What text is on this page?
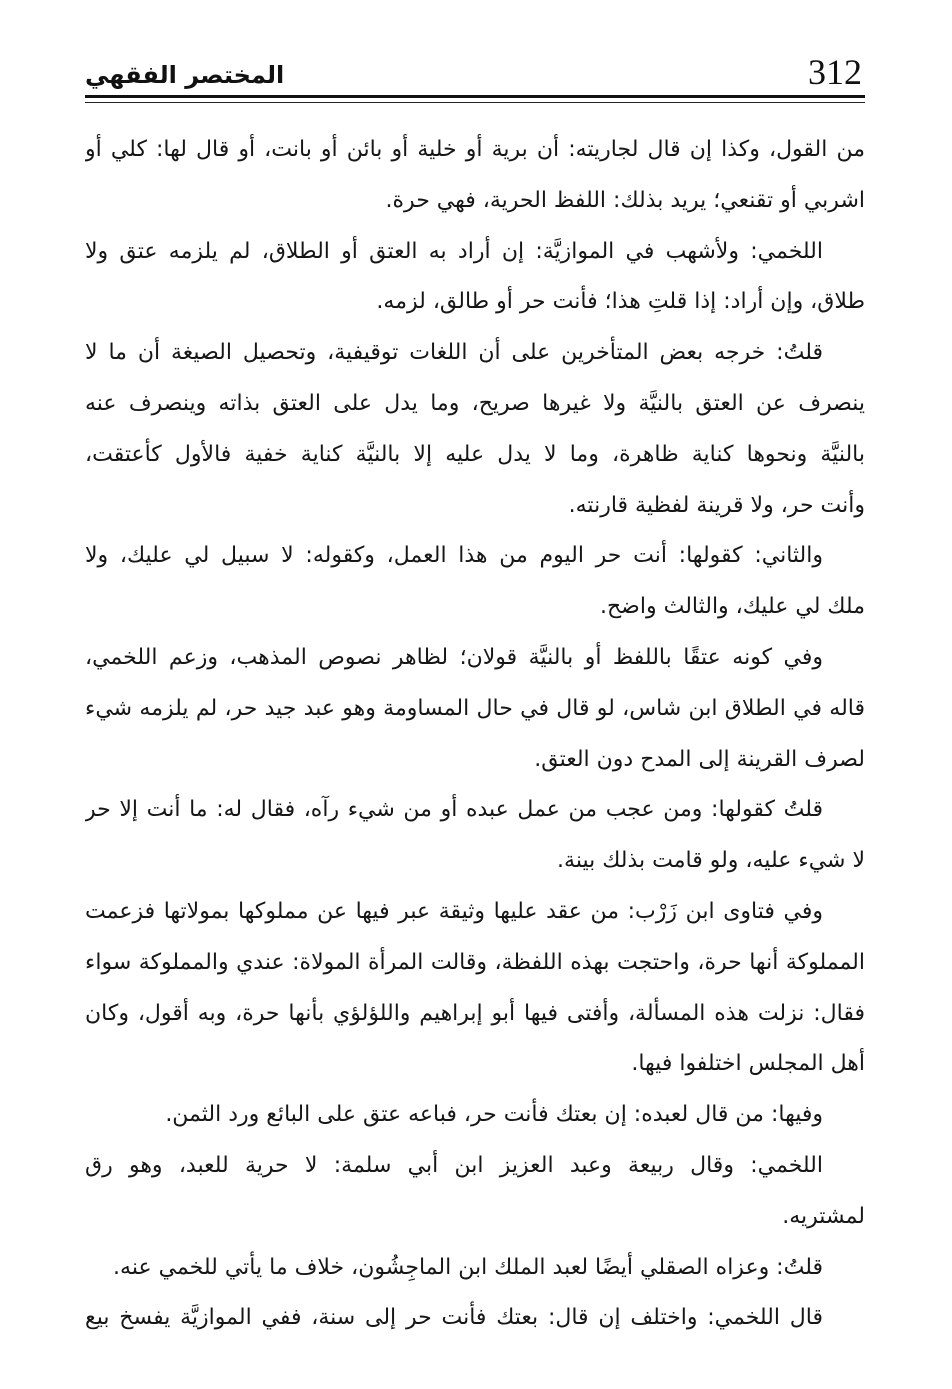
312
المختصر الفقهي
من القول، وكذا إن قال لجاريته: أن برية أو خلية أو بائن أو بانت، أو قال لها: كلي أو
اشربي أو تقنعي؛ يريد بذلك: اللفظ الحرية، فهي حرة.
اللخمي: ولأشهب في الموازيَّة: إن أراد به العتق أو الطلاق، لم يلزمه عتق ولا
طلاق، وإن أراد: إذا قلتِ هذا؛ فأنت حر أو طالق، لزمه.
قلتُ: خرجه بعض المتأخرين على أن اللغات توقيفية، وتحصيل الصيغة أن ما لا
ينصرف عن العتق بالنيَّة ولا غيرها صريح، وما يدل على العتق بذاته وينصرف عنه
بالنيَّة ونحوها كناية ظاهرة، وما لا يدل عليه إلا بالنيَّة كناية خفية فالأول كأعتقت،
وأنت حر، ولا قرينة لفظية قارنته.
والثاني: كقولها: أنت حر اليوم من هذا العمل، وكقوله: لا سبيل لي عليك، ولا
ملك لي عليك، والثالث واضح.
وفي كونه عتقًا باللفظ أو بالنيَّة قولان؛ لظاهر نصوص المذهب، وزعم اللخمي،
قاله في الطلاق ابن شاس، لو قال في حال المساومة وهو عبد جيد حر، لم يلزمه شيء
لصرف القرينة إلى المدح دون العتق.
قلتُ كقولها: ومن عجب من عمل عبده أو من شيء رآه، فقال له: ما أنت إلا حر
لا شيء عليه، ولو قامت بذلك بينة.
وفي فتاوى ابن زَرْب: من عقد عليها وثيقة عبر فيها عن مملوكها بمولاتها فزعمت
المملوكة أنها حرة، واحتجت بهذه اللفظة، وقالت المرأة المولاة: عندي والمملوكة سواء
فقال: نزلت هذه المسألة، وأفتى فيها أبو إبراهيم واللؤلؤي بأنها حرة، وبه أقول، وكان
أهل المجلس اختلفوا فيها.
وفيها: من قال لعبده: إن بعتك فأنت حر، فباعه عتق على البائع ورد الثمن.
اللخمي: وقال ربيعة وعبد العزيز ابن أبي سلمة: لا حرية للعبد، وهو رق
لمشتريه.
قلتُ: وعزاه الصقلي أيضًا لعبد الملك ابن الماجِشُون، خلاف ما يأتي للخمي عنه.
قال اللخمي: واختلف إن قال: بعتك فأنت حر إلى سنة، ففي الموازيَّة يفسخ بيع
